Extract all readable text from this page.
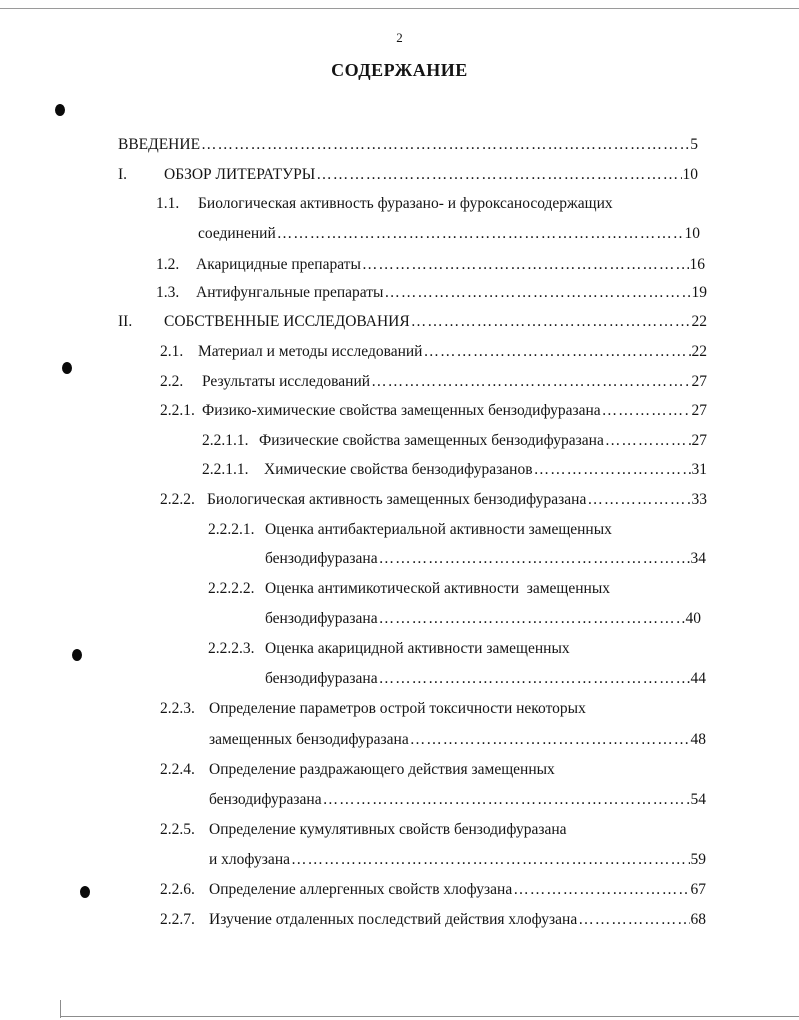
2
СОДЕРЖАНИЕ
ВВЕДЕНИЕ ……………………………………………………………………………………………………………………………………	5
I.	ОБЗОР ЛИТЕРАТУРЫ ……………………………………………………………………………………………………………………………………	10
1.1. Биологическая активность фуразано- и фуроксаносодержащих
соединений ……………………………………………………………………………………………………………………………………	10
1.2.	Акарицидные препараты ……………………………………………………………………………………………………………………………………	16
1.3.	Антифунгальные препараты ……………………………………………………………………………………………………………………………………	19
II.	СОБСТВЕННЫЕ ИССЛЕДОВАНИЯ ……………………………………………………………………………………………………………………………………	22
2.1. Материал и методы исследований ……………………………………………………………………………………………………………………………………	22
2.2.	Результаты исследований ……………………………………………………………………………………………………………………………………	27
2.2.1. Физико-химические свойства замещенных бензодифуразана ……………………………………………………………………………………………………………………………………	27
2.2.1.1. Физические свойства замещенных бензодифуразана ……………………………………………………………………………………………………………………………………	27
2.2.1.1.	Химические свойства бензодифуразанов ……………………………………………………………………………………………………………………………………	31
2.2.2. Биологическая активность замещенных бензодифуразана ……………………………………………………………………………………………………………………………………	33
2.2.2.1. Оценка антибактериальной активности замещенных
бензодифуразана ……………………………………………………………………………………………………………………………………	34
2.2.2.2. Оценка антимикотической активности  замещенных
бензодифуразана ……………………………………………………………………………………………………………………………………	40
2.2.2.3. Оценка акарицидной активности замещенных
бензодифуразана ……………………………………………………………………………………………………………………………………	44
2.2.3. Определение параметров острой токсичности некоторых
замещенных бензодифуразана ……………………………………………………………………………………………………………………………………	48
2.2.4. Определение раздражающего действия замещенных
бензодифуразана ……………………………………………………………………………………………………………………………………	54
2.2.5. Определение кумулятивных свойств бензодифуразана
и хлофузана ……………………………………………………………………………………………………………………………………	59
2.2.6. Определение аллергенных свойств хлофузана ……………………………………………………………………………………………………………………………………	67
2.2.7. Изучение отдаленных последствий действия хлофузана ……………………………………………………………………………………………………………………………………	68
